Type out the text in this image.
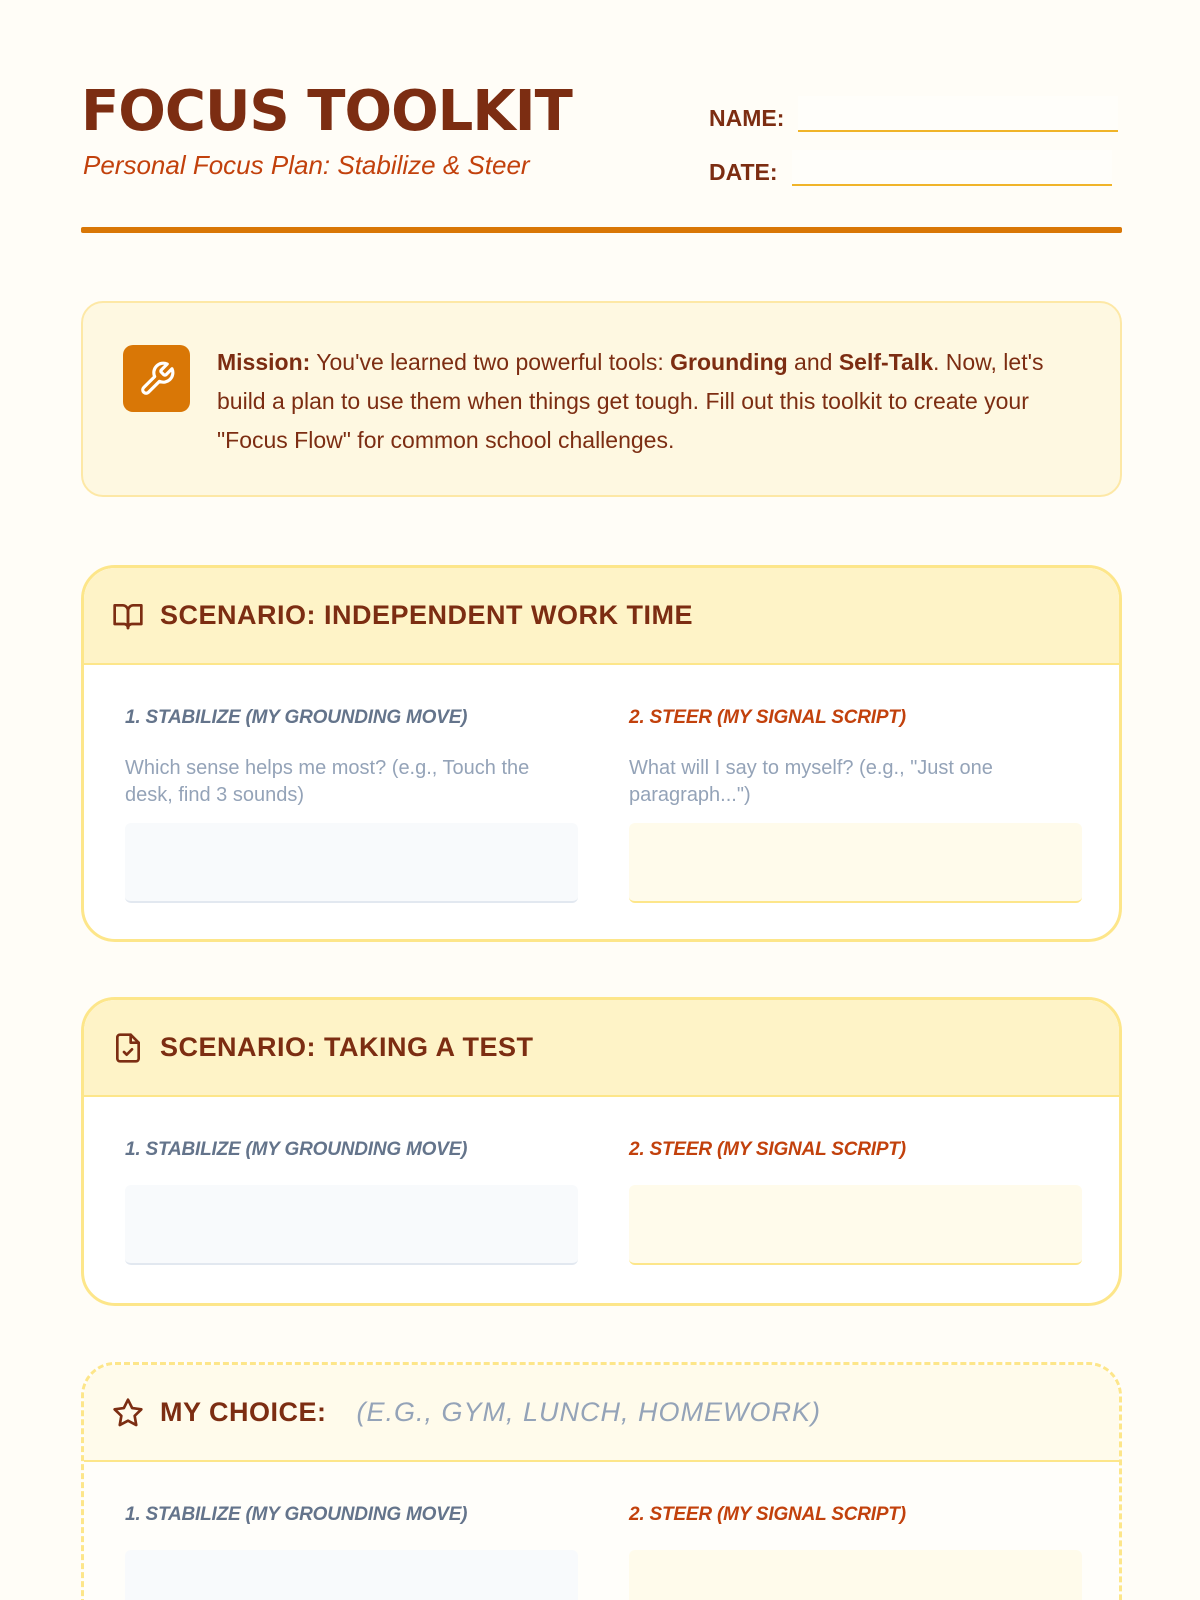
FOCUS TOOLKIT
Personal Focus Plan: Stabilize & Steer
NAME:
DATE:

Mission: You've learned two powerful tools: Grounding and Self-Talk. Now, let's build a plan to use them when things get tough. Fill out this toolkit to create your "Focus Flow" for common school challenges.

SCENARIO: INDEPENDENT WORK TIME
1. STABILIZE (MY GROUNDING MOVE)
Which sense helps me most? (e.g., Touch the desk, find 3 sounds)
2. STEER (MY SIGNAL SCRIPT)
What will I say to myself? (e.g., "Just one paragraph...")
SCENARIO: TAKING A TEST
1. STABILIZE (MY GROUNDING MOVE)	2. STEER (MY SIGNAL SCRIPT)
MY CHOICE: (E.G., GYM, LUNCH, HOMEWORK)
1. STABILIZE (MY GROUNDING MOVE)	2. STEER (MY SIGNAL SCRIPT)
